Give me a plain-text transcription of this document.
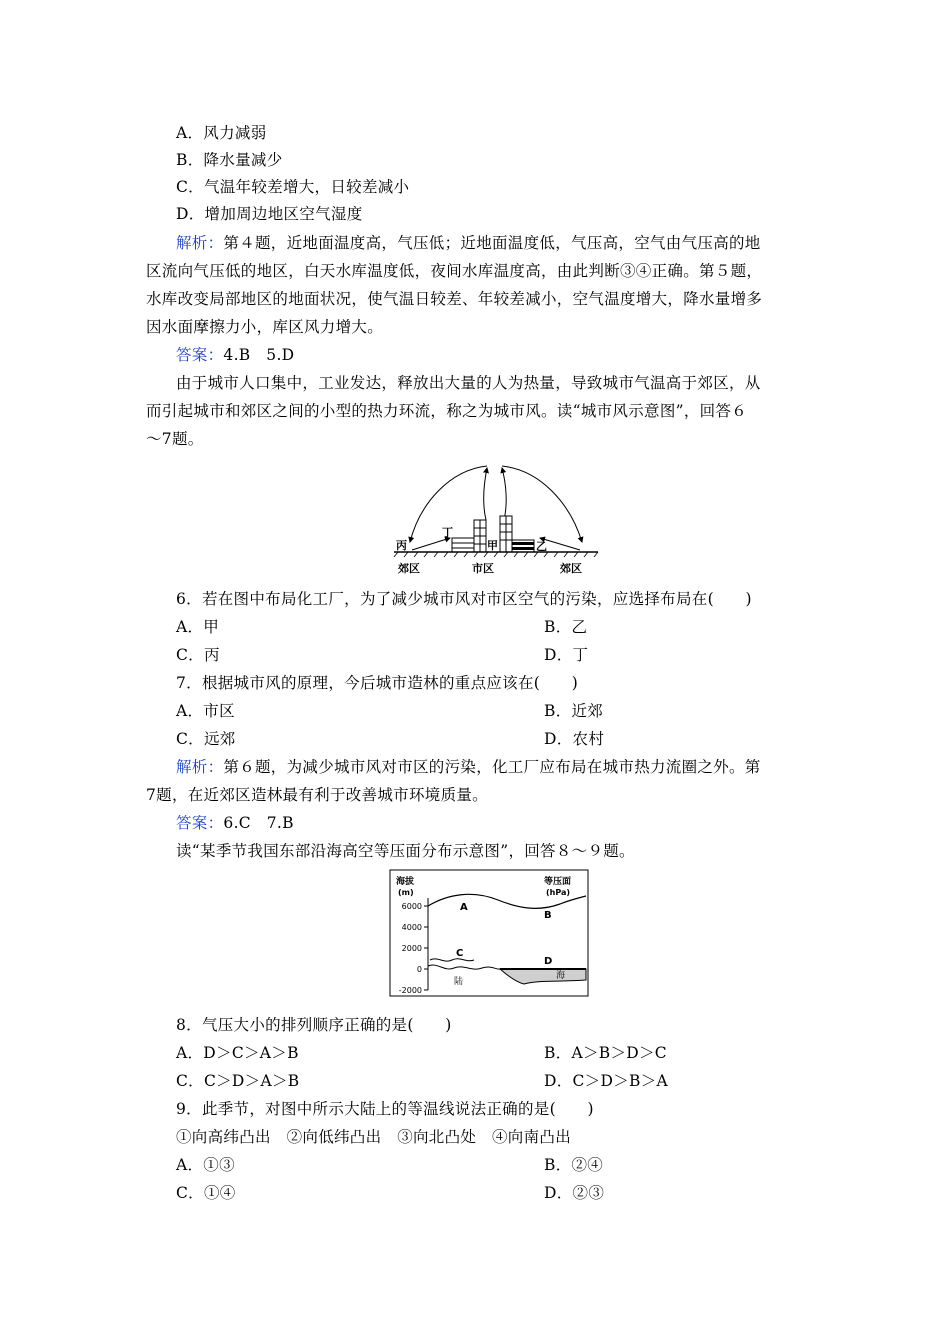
A．风力减弱
B．降水量减少
C．气温年较差增大，日较差减小
D．增加周边地区空气湿度
解析：第４题，近地面温度高，气压低；近地面温度低，气压高，空气由气压高的地
区流向气压低的地区，白天水库温度低，夜间水库温度高，由此判断③④正确。第５题，
水库改变局部地区的地面状况，使气温日较差、年较差减小，空气温度增大，降水量增多
因水面摩擦力小，库区风力增大。
答案：4.B　5.D
由于城市人口集中，工业发达，释放出大量的人为热量，导致城市气温高于郊区，从
而引起城市和郊区之间的小型的热力环流，称之为城市风。读“城市风示意图”，回答６
～7题。
丙
丁
甲	乙
郊区	市区	郊区
6．若在图中布局化工厂，为了减少城市风对市区空气的污染，应选择布局在(　　)
A．甲	B．乙
C．丙	D．丁
7．根据城市风的原理，今后城市造林的重点应该在(　　)
A．市区	B．近郊
C．远郊	D．农村
解析：第６题，为减少城市风对市区的污染，化工厂应布局在城市热力流圈之外。第
7题，在近郊区造林最有利于改善城市环境质量。
答案：6.C　7.B
读“某季节我国东部沿海高空等压面分布示意图”，回答８～９题。
海拔
(m)
等压面
(hPa)
6000
4000
2000
0
-2000
A
B
C
D
陆
海
8．气压大小的排列顺序正确的是(　　)
A．D＞C＞A＞B	B．A＞B＞D＞C
C．C＞D＞A＞B	D．C＞D＞B＞A
9．此季节，对图中所示大陆上的等温线说法正确的是(　　)
①向高纬凸出　②向低纬凸出　③向北凸处　④向南凸出
A．①③	B．②④
C．①④	D．②③
